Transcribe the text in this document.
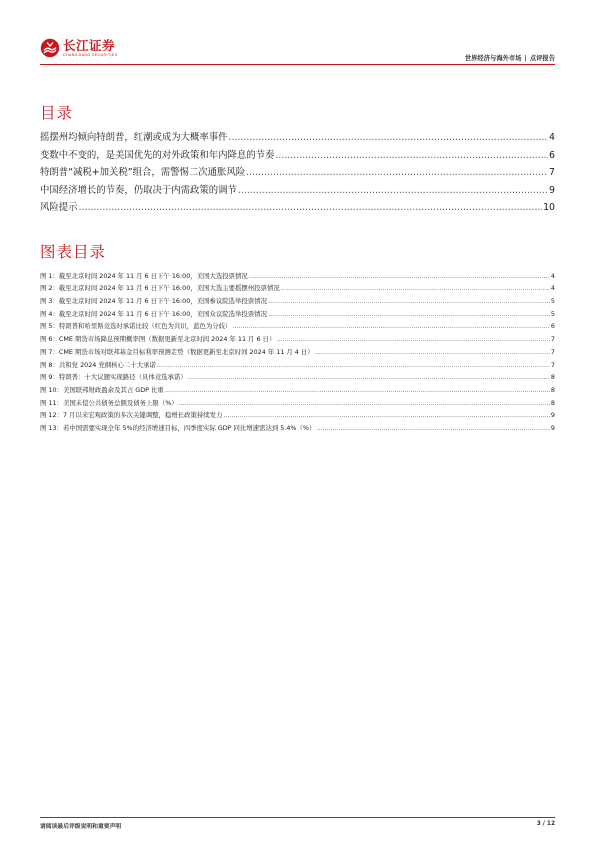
长江证券
CHANGJIANG SECURITIES
世界经济与海外市场 | 点评报告
目录
摇摆州均倾向特朗普，红潮或成为大概率事件 .....	4
变数中不变的，是美国优先的对外政策和年内降息的节奏 .....	6
特朗普“减税+加关税”组合，需警惕二次通胀风险 .....	7
中国经济增长的节奏，仍取决于内需政策的调节 .....	9
风险提示 .....	10
图表目录
图 1：截至北京时间 2024 年 11 月 6 日下午 16:00，美国大选投票情况 .....	4
图 2：截至北京时间 2024 年 11 月 6 日下午 16:00，美国大选主要摇摆州投票情况 .....	4
图 3：截至北京时间 2024 年 11 月 6 日下午 16:00，美国参议院选举投票情况 .....	5
图 4：截至北京时间 2024 年 11 月 6 日下午 16:00，美国众议院选举投票情况 .....	5
图 5：特朗普和哈里斯竞选时承诺比较（红色为共识，蓝色为分歧） .....	6
图 6：CME 期货市场降息预期概率图（数据更新至北京时间 2024 年 11 月 6 日） .....	7
图 7：CME 期货市场对联邦基金目标利率预测走势（数据更新至北京时间 2024 年 11 月 4 日） .....	7
图 8：共和党 2024 党纲核心二十大承诺 .....	7
图 9：特朗普：十大议题实现路径（具体竞选承诺） .....	8
图 10：美国联邦财政盈余及其占 GDP 比重 .....	8
图 11：美国未偿公共债务总额及债务上限（%） .....	8
图 12：7 月以来宏观政策的多次关键调整，稳增长政策持续发力 .....	9
图 13：若中国需要实现全年 5%的经济增速目标，四季度实际 GDP 同比增速需达到 5.4%（%） .....	9
请阅读最后评级说明和重要声明	3 / 12
